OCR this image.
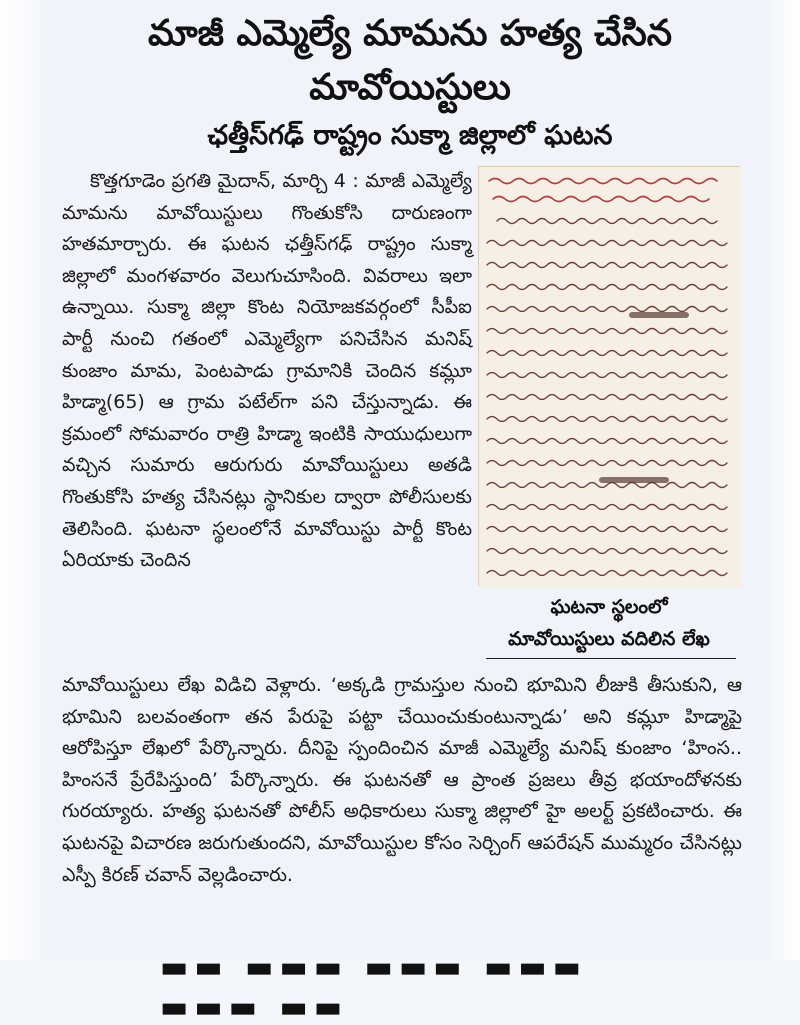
మాజీ ఎమ్మెల్యే మామను హత్య చేసిన
మావోయిస్టులు
ఛత్తీస్‌గఢ్ రాష్ట్రం సుక్మా జిల్లాలో ఘటన
కొత్తగూడెం ప్రగతి మైదాన్, మార్చి 4 : మాజీ ఎమ్మెల్యే మామను మావోయిస్టులు గొంతుకోసి దారుణంగా హతమార్చారు. ఈ ఘటన ఛత్తీస్‌గఢ్ రాష్ట్రం సుక్మా జిల్లాలో మంగళవారం వెలుగుచూసింది. వివరాలు ఇలా ఉన్నాయి. సుక్మా జిల్లా కొంట నియోజకవర్గంలో సీపీఐ పార్టీ నుంచి గతంలో ఎమ్మెల్యేగా పనిచేసిన మనిష్ కుంజాం మామ, పెంటపాడు గ్రామానికి చెందిన కమ్లూ హిడ్మా(65) ఆ గ్రామ పటేల్‌గా పని చేస్తున్నాడు. ఈ క్రమంలో సోమవారం రాత్రి హిడ్మా ఇంటికి సాయుధులుగా వచ్చిన సుమారు ఆరుగురు మావోయిస్టులు అతడి గొంతుకోసి హత్య చేసినట్లు స్థానికుల ద్వారా పోలీసులకు తెలిసింది. ఘటనా స్థలంలోనే మావోయిస్టు పార్టీ కొంట ఏరియాకు చెందిన
ఘటనా స్థలంలో
మావోయిస్టులు వదిలిన లేఖ
మావోయిస్టులు లేఖ విడిచి వెళ్లారు. ‘అక్కడి గ్రామస్తుల నుంచి భూమిని లీజుకి తీసుకుని, ఆ భూమిని బలవంతంగా తన పేరుపై పట్టా చేయించుకుంటున్నాడు’ అని కమ్లూ హిడ్మాపై ఆరోపిస్తూ లేఖలో పేర్కొన్నారు. దీనిపై స్పందించిన మాజీ ఎమ్మెల్యే మనిష్ కుంజాం ‘హింస.. హింసనే ప్రేరేపిస్తుంది’ పేర్కొన్నారు. ఈ ఘటనతో ఆ ప్రాంత ప్రజలు తీవ్ర భయాందోళనకు గురయ్యారు. హత్య ఘటనతో పోలీస్ అధికారులు సుక్మా జిల్లాలో హై అలర్ట్ ప్రకటించారు. ఈ ఘటనపై విచారణ జరుగుతుందని, మావోయిస్టుల కోసం సెర్చింగ్ ఆపరేషన్ ముమ్మరం చేసినట్లు ఎస్పీ కిరణ్ చవాన్ వెల్లడించారు.
▬▬ ▬▬▬ ▬▬▬ ▬▬▬ ▬▬▬ ▬▬
